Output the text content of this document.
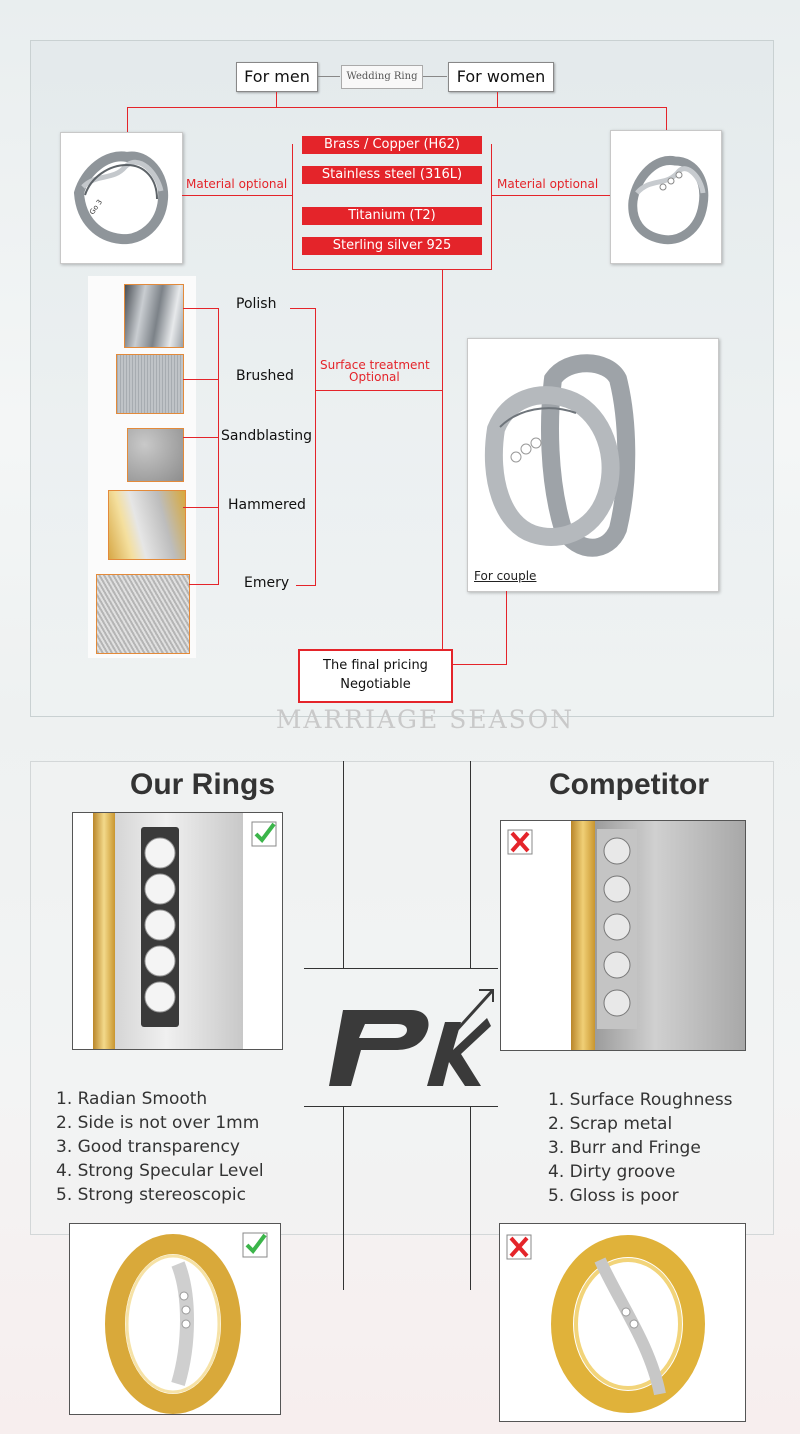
For men	Wedding Ring	For women
Go 3
Material optional	Material optional
Brass / Copper (H62)
Stainless steel (316L)
Titanium (T2)
Sterling silver 925
Polish
Brushed
Sandblasting
Hammered
Emery
Surface treatment
Optional
For couple
The final pricing
Negotiable
MARRIAGE SEASON
Our Rings	Competitor
PK
1. Radian Smooth
2. Side is not over 1mm
3. Good transparency
4. Strong Specular Level
5. Strong stereoscopic
1. Surface Roughness
2. Scrap metal
3. Burr and Fringe
4. Dirty groove
5. Gloss is poor
